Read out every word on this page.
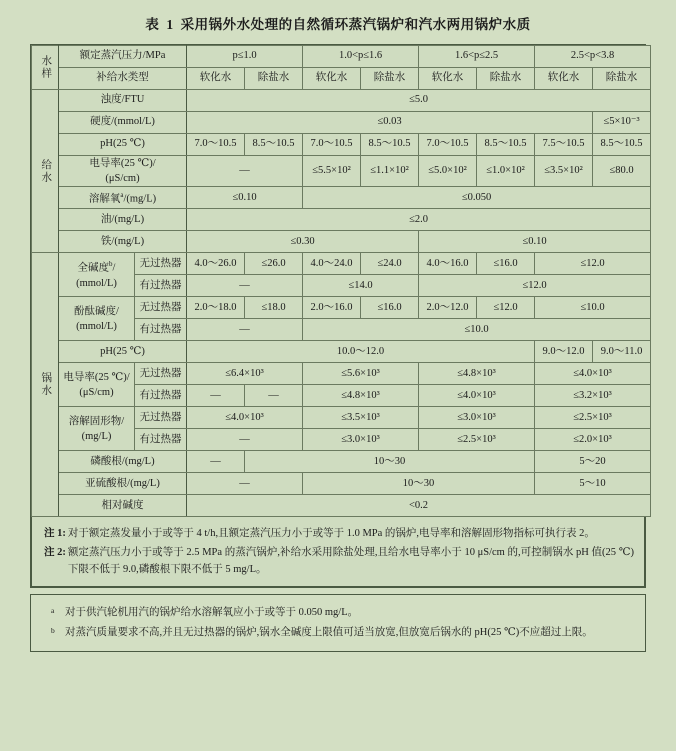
表 1 采用锅外水处理的自然循环蒸汽锅炉和汽水两用锅炉水质
水样	额定蒸汽压力/MPa		p≤1.0		1.0<p≤1.6		1.6<p≤2.5		2.5<p<3.8	
	补给水类型		软化水	除盐水	软化水	除盐水	软化水	除盐水	软化水	除盐水

给水	浊度/FTU		≤5.0							
	硬度/(mmol/L)		≤0.03							≤5×10⁻³
	pH(25 ℃)		7.0～10.5	8.5～10.5	7.0～10.5	8.5～10.5	7.0～10.5	8.5～10.5	7.5～10.5	8.5～10.5

	电导率(25 ℃)/
(μS/cm)		—		≤5.5×10²	≤1.1×10²	≤5.0×10²	≤1.0×10²	≤3.5×10²	≤80.0

	溶解氧$^a$/(mg/L)		≤0.10		≤0.050					
	油/(mg/L)		≤2.0							
	铁/(mg/L)		≤0.30				≤0.10			

锅水	全碱度$^b$/
(mmol/L)	无过热器	4.0～26.0	≤26.0	4.0～24.0	≤24.0	4.0～16.0	≤16.0	≤12.0	
		有过热器	—		≤14.0		≤12.0			

	酚酞碱度/
(mmol/L)	无过热器	2.0～18.0	≤18.0	2.0～16.0	≤16.0	2.0～12.0	≤12.0	≤10.0	
		有过热器	—		≤10.0					
	pH(25 ℃)		10.0～12.0						9.0～12.0	9.0～11.0

	电导率(25 ℃)/
(μS/cm)	无过热器	≤6.4×10³		≤5.6×10³		≤4.8×10³		≤4.0×10³	
		有过热器	—	—	≤4.8×10³		≤4.0×10³		≤3.2×10³	

	溶解固形物/
(mg/L)	无过热器	≤4.0×10³		≤3.5×10³		≤3.0×10³		≤2.5×10³	
		有过热器	—		≤3.0×10³		≤2.5×10³		≤2.0×10³	
	磷酸根/(mg/L)		—	10～30					5～20	
	亚硫酸根/(mg/L)		—		10～30				5～10	
	相对碱度		<0.2							
注 1: 对于额定蒸发量小于或等于 4 t/h,且额定蒸汽压力小于或等于 1.0 MPa 的锅炉,电导率和溶解固形物指标可执行表 2。
注 2: 额定蒸汽压力小于或等于 2.5 MPa 的蒸汽锅炉,补给水采用除盐处理,且给水电导率小于 10 μS/cm 的,可控制锅水 pH 值(25 ℃)下限不低于 9.0,磷酸根下限不低于 5 mg/L。
a	对于供汽轮机用汽的锅炉给水溶解氧应小于或等于 0.050 mg/L。
b 对蒸汽质量要求不高,并且无过热器的锅炉,锅水全碱度上限值可适当放宽,但放宽后锅水的 pH(25 ℃)不应超过上限。
